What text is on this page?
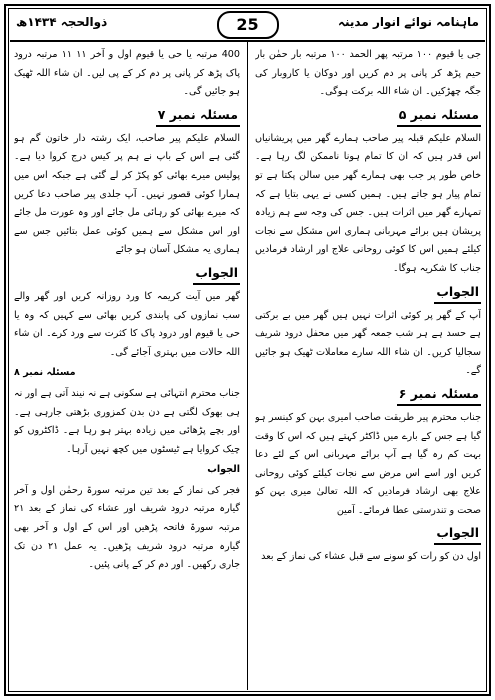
ماہنامہ نوائے انوار مدینہ
25
ذوالحجہ ۱۴۳۴ھ

جی یا قیوم ۱۰۰ مرتبہ پھر الحمد ۱۰۰ مرتبہ بار حمٰن بار حیم پڑھ کر پانی پر دم کریں اور دوکان یا کاروبار کی جگہ چھڑکیں۔ ان شاء اللہ برکت ہوگی۔

مسئلہ نمبر ۵

السلام علیکم قبلہ پیر صاحب ہمارے گھر میں پریشانیاں اس قدر ہیں کہ ان کا تمام ہونا ناممکن لگ رہا ہے۔ خاص طور پر جب بھی ہمارے گھر میں سالن پکتا ہے تو تمام پیار ہو جاتے ہیں۔ ہمیں کسی نے یہی بتایا ہے کہ تمہارے گھر میں اثرات ہیں۔ جس کی وجہ سے ہم زیادہ پریشان ہیں برائے مہربانی ہماری اس مشکل سے نجات کیلئے ہمیں اس کا کوئی روحانی علاج اور ارشاد فرمادیں جناب کا شکریہ ہوگا۔

الجواب

آپ کے گھر پر کوئی اثرات نہیں ہیں گھر میں بے برکتی ہے حسد ہے ہر شب جمعہ گھر میں محفل درود شریف سجالیا کریں۔ ان شاء اللہ سارے معاملات ٹھیک ہو جائیں گے۔

مسئلہ نمبر ۶

جناب محترم پیر طریقت صاحب امیری بہن کو کینسر ہو گیا ہے جس کے بارے میں ڈاکٹر کہتے ہیں کہ اس کا وقت بہت کم رہ گیا ہے آپ برائے مہربانی اس کے لئے دعا کریں اور اسے اس مرض سے نجات کیلئے کوئی روحانی علاج بھی ارشاد فرمادیں کہ اللہ تعالیٰ میری بہن کو صحت و تندرستی عطا فرمائے۔ آمین

الجواب

اول دن کو رات کو سونے سے قبل عشاء کی نماز کے بعد

400 مرتبہ یا حی یا قیوم اول و آخر ۱۱ ۱۱ مرتبہ درود پاک پڑھ کر پانی پر دم کر کے پی لیں۔ ان شاء اللہ ٹھیک ہو جائیں گی۔

مسئلہ نمبر ۷

السلام علیکم پیر صاحب، ایک رشتہ دار خاتون گم ہو گئی ہے اس کے باپ نے ہم پر کیس درج کروا دیا ہے۔ پولیس میرے بھائی کو پکڑ کر لے گئی ہے جبکہ اس میں ہمارا کوئی قصور نہیں۔ آپ جلدی پیر صاحب دعا کریں کہ میرے بھائی کو رہائی مل جائے اور وہ عورت مل جائے اور اس مشکل سے ہمیں کوئی عمل بتائیں جس سے ہماری یہ مشکل آسان ہو جائے

الجواب

گھر میں آیت کریمہ کا ورد روزانہ کریں اور گھر والے سب نمازوں کی پابندی کریں بھائی سے کہیں کہ وہ یا حی یا قیوم اور درود پاک کا کثرت سے ورد کرے۔ ان شاء اللہ حالات میں بہتری آجائے گی۔

مسئلہ نمبر ۸

جناب محترم انتہائی ہے سکونی ہے نہ نیند آتی ہے اور نہ ہی بھوک لگتی ہے دن بدن کمزوری بڑھتی جارہی ہے۔ اور بچے پڑھائی میں زیادہ بہتر ہو رہا ہے۔ ڈاکٹروں کو چیک کروایا ہے ٹیسٹوں میں کچھ نہیں آرہا۔

الجواب

فجر کی نماز کے بعد تین مرتبہ سورۃ رحمٰن اول و آخر گیارہ مرتبہ درود شریف اور عشاء کی نماز کے بعد ۲۱ مرتبہ سورۃ فاتحہ پڑھیں اور اس کے اول و آخر بھی گیارہ مرتبہ درود شریف پڑھیں۔ یہ عمل ۲۱ دن تک جاری رکھیں۔ اور دم کر کے پانی پئیں۔
